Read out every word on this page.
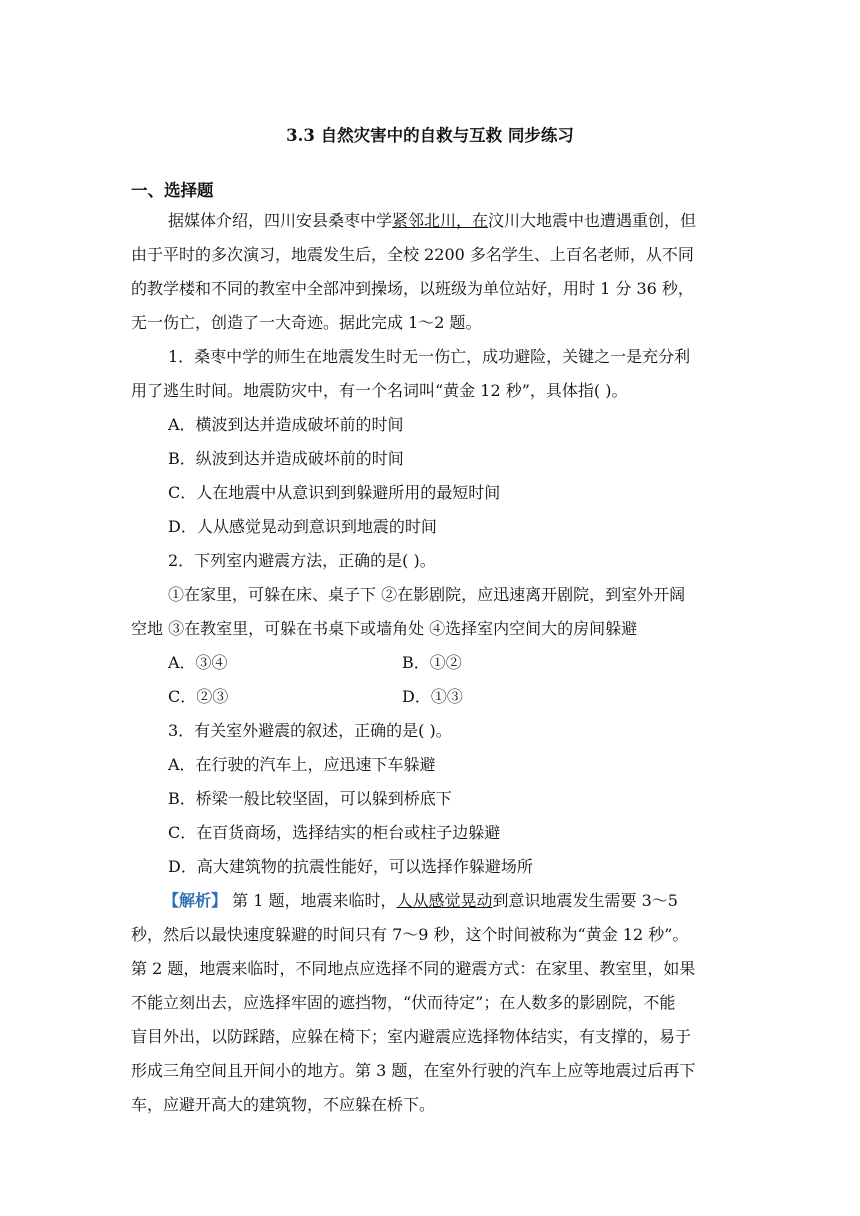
3.3 自然灾害中的自救与互救 同步练习
一、选择题

据媒体介绍，四川安县桑枣中学紧邻北川，在汶川大地震中也遭遇重创，但

由于平时的多次演习，地震发生后，全校 2200 多名学生、上百名老师，从不同

的教学楼和不同的教室中全部冲到操场，以班级为单位站好，用时 1 分 36 秒，

无一伤亡，创造了一大奇迹。据此完成 1～2 题。

1．桑枣中学的师生在地震发生时无一伤亡，成功避险，关键之一是充分利

用了逃生时间。地震防灾中，有一个名词叫“黄金 12 秒”，具体指( )。

A．横波到达并造成破坏前的时间

B．纵波到达并造成破坏前的时间

C．人在地震中从意识到到躲避所用的最短时间

D．人从感觉晃动到意识到地震的时间

2．下列室内避震方法，正确的是( )。

①在家里，可躲在床、桌子下 ②在影剧院，应迅速离开剧院，到室外开阔

空地 ③在教室里，可躲在书桌下或墙角处 ④选择室内空间大的房间躲避

A．③④	B．①②

C．②③	D．①③

3．有关室外避震的叙述，正确的是( )。

A．在行驶的汽车上，应迅速下车躲避

B．桥梁一般比较坚固，可以躲到桥底下

C．在百货商场，选择结实的柜台或柱子边躲避

D．高大建筑物的抗震性能好，可以选择作躲避场所

【解析】 第 1 题，地震来临时，人从感觉晃动到意识地震发生需要 3～5

秒，然后以最快速度躲避的时间只有 7～9 秒，这个时间被称为“黄金 12 秒”。

第 2 题，地震来临时，不同地点应选择不同的避震方式：在家里、教室里，如果

不能立刻出去，应选择牢固的遮挡物，“伏而待定”；在人数多的影剧院，不能

盲目外出，以防踩踏，应躲在椅下；室内避震应选择物体结实，有支撑的，易于

形成三角空间且开间小的地方。第 3 题，在室外行驶的汽车上应等地震过后再下

车，应避开高大的建筑物，不应躲在桥下。
